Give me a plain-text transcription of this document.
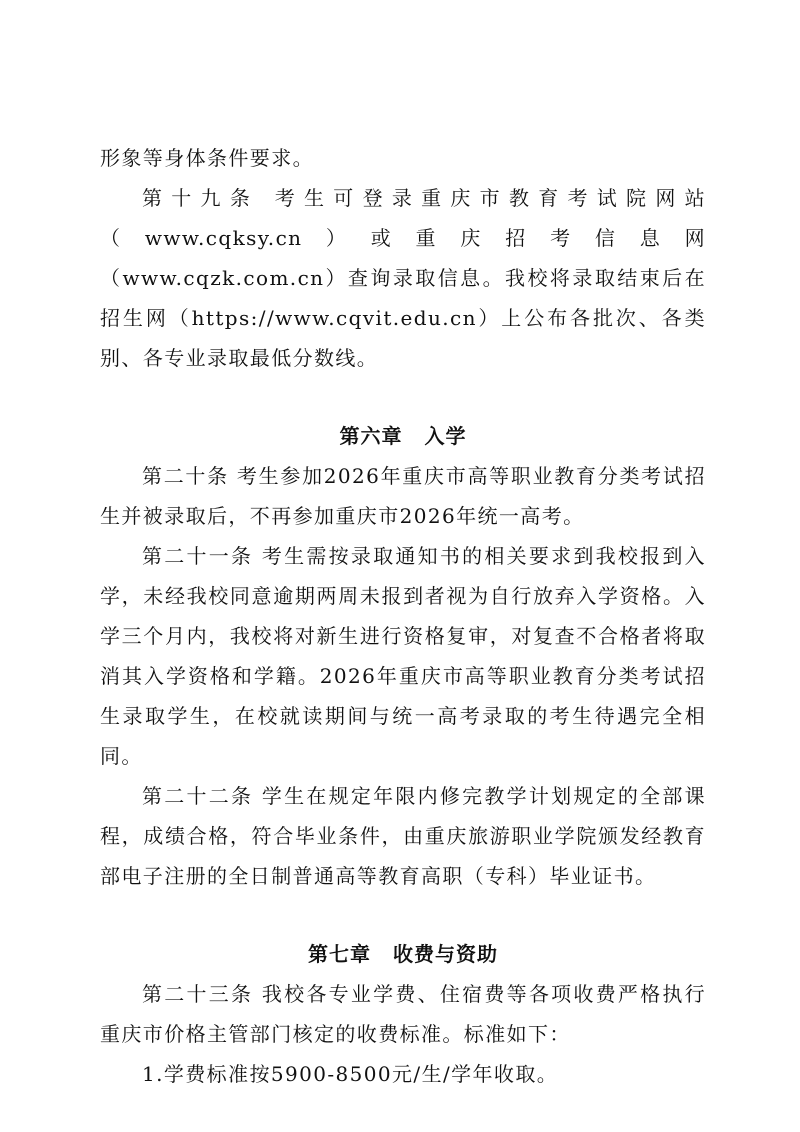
形象等身体条件要求。

第十九条 考生可登录重庆市教育考试院网站（www.cqksy.cn）或重庆招考信息网（www.cqzk.com.cn）查询录取信息。我校将录取结束后在招生网（https://www.cqvit.edu.cn）上公布各批次、各类别、各专业录取最低分数线。

第六章 入学

第二十条 考生参加2026年重庆市高等职业教育分类考试招生并被录取后，不再参加重庆市2026年统一高考。

第二十一条 考生需按录取通知书的相关要求到我校报到入学，未经我校同意逾期两周未报到者视为自行放弃入学资格。入学三个月内，我校将对新生进行资格复审，对复查不合格者将取消其入学资格和学籍。2026年重庆市高等职业教育分类考试招生录取学生，在校就读期间与统一高考录取的考生待遇完全相同。

第二十二条 学生在规定年限内修完教学计划规定的全部课程，成绩合格，符合毕业条件，由重庆旅游职业学院颁发经教育部电子注册的全日制普通高等教育高职（专科）毕业证书。

第七章 收费与资助

第二十三条 我校各专业学费、住宿费等各项收费严格执行重庆市价格主管部门核定的收费标准。标准如下：

1.学费标准按5900-8500元/生/学年收取。
